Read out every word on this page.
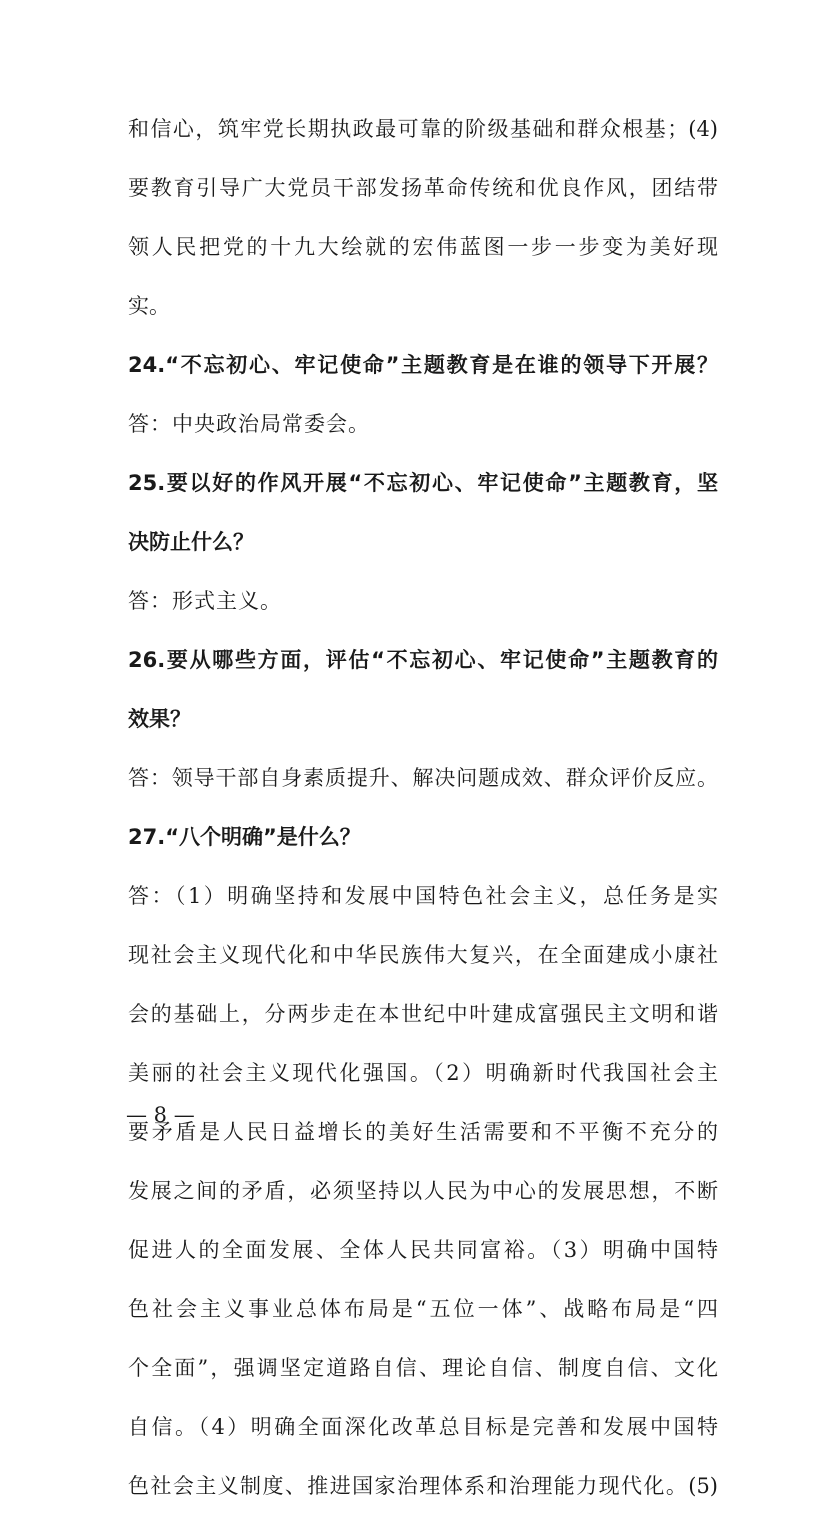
和信心，筑牢党长期执政最可靠的阶级基础和群众根基；(4)
要教育引导广大党员干部发扬革命传统和优良作风，团结带
领人民把党的十九大绘就的宏伟蓝图一步一步变为美好现
实。
24.“不忘初心、牢记使命”主题教育是在谁的领导下开展？
答：中央政治局常委会。
25.要以好的作风开展“不忘初心、牢记使命”主题教育，坚
决防止什么？
答：形式主义。
26.要从哪些方面，评估“不忘初心、牢记使命”主题教育的
效果？
答：领导干部自身素质提升、解决问题成效、群众评价反应。
27.“八个明确”是什么？
答：（1）明确坚持和发展中国特色社会主义，总任务是实
现社会主义现代化和中华民族伟大复兴，在全面建成小康社
会的基础上，分两步走在本世纪中叶建成富强民主文明和谐
美丽的社会主义现代化强国。（2）明确新时代我国社会主
要矛盾是人民日益增长的美好生活需要和不平衡不充分的
发展之间的矛盾，必须坚持以人民为中心的发展思想，不断
促进人的全面发展、全体人民共同富裕。（3）明确中国特
色社会主义事业总体布局是“五位一体”、战略布局是“四
个全面”，强调坚定道路自信、理论自信、制度自信、文化
自信。（4）明确全面深化改革总目标是完善和发展中国特
色社会主义制度、推进国家治理体系和治理能力现代化。(5)
— 8 —
